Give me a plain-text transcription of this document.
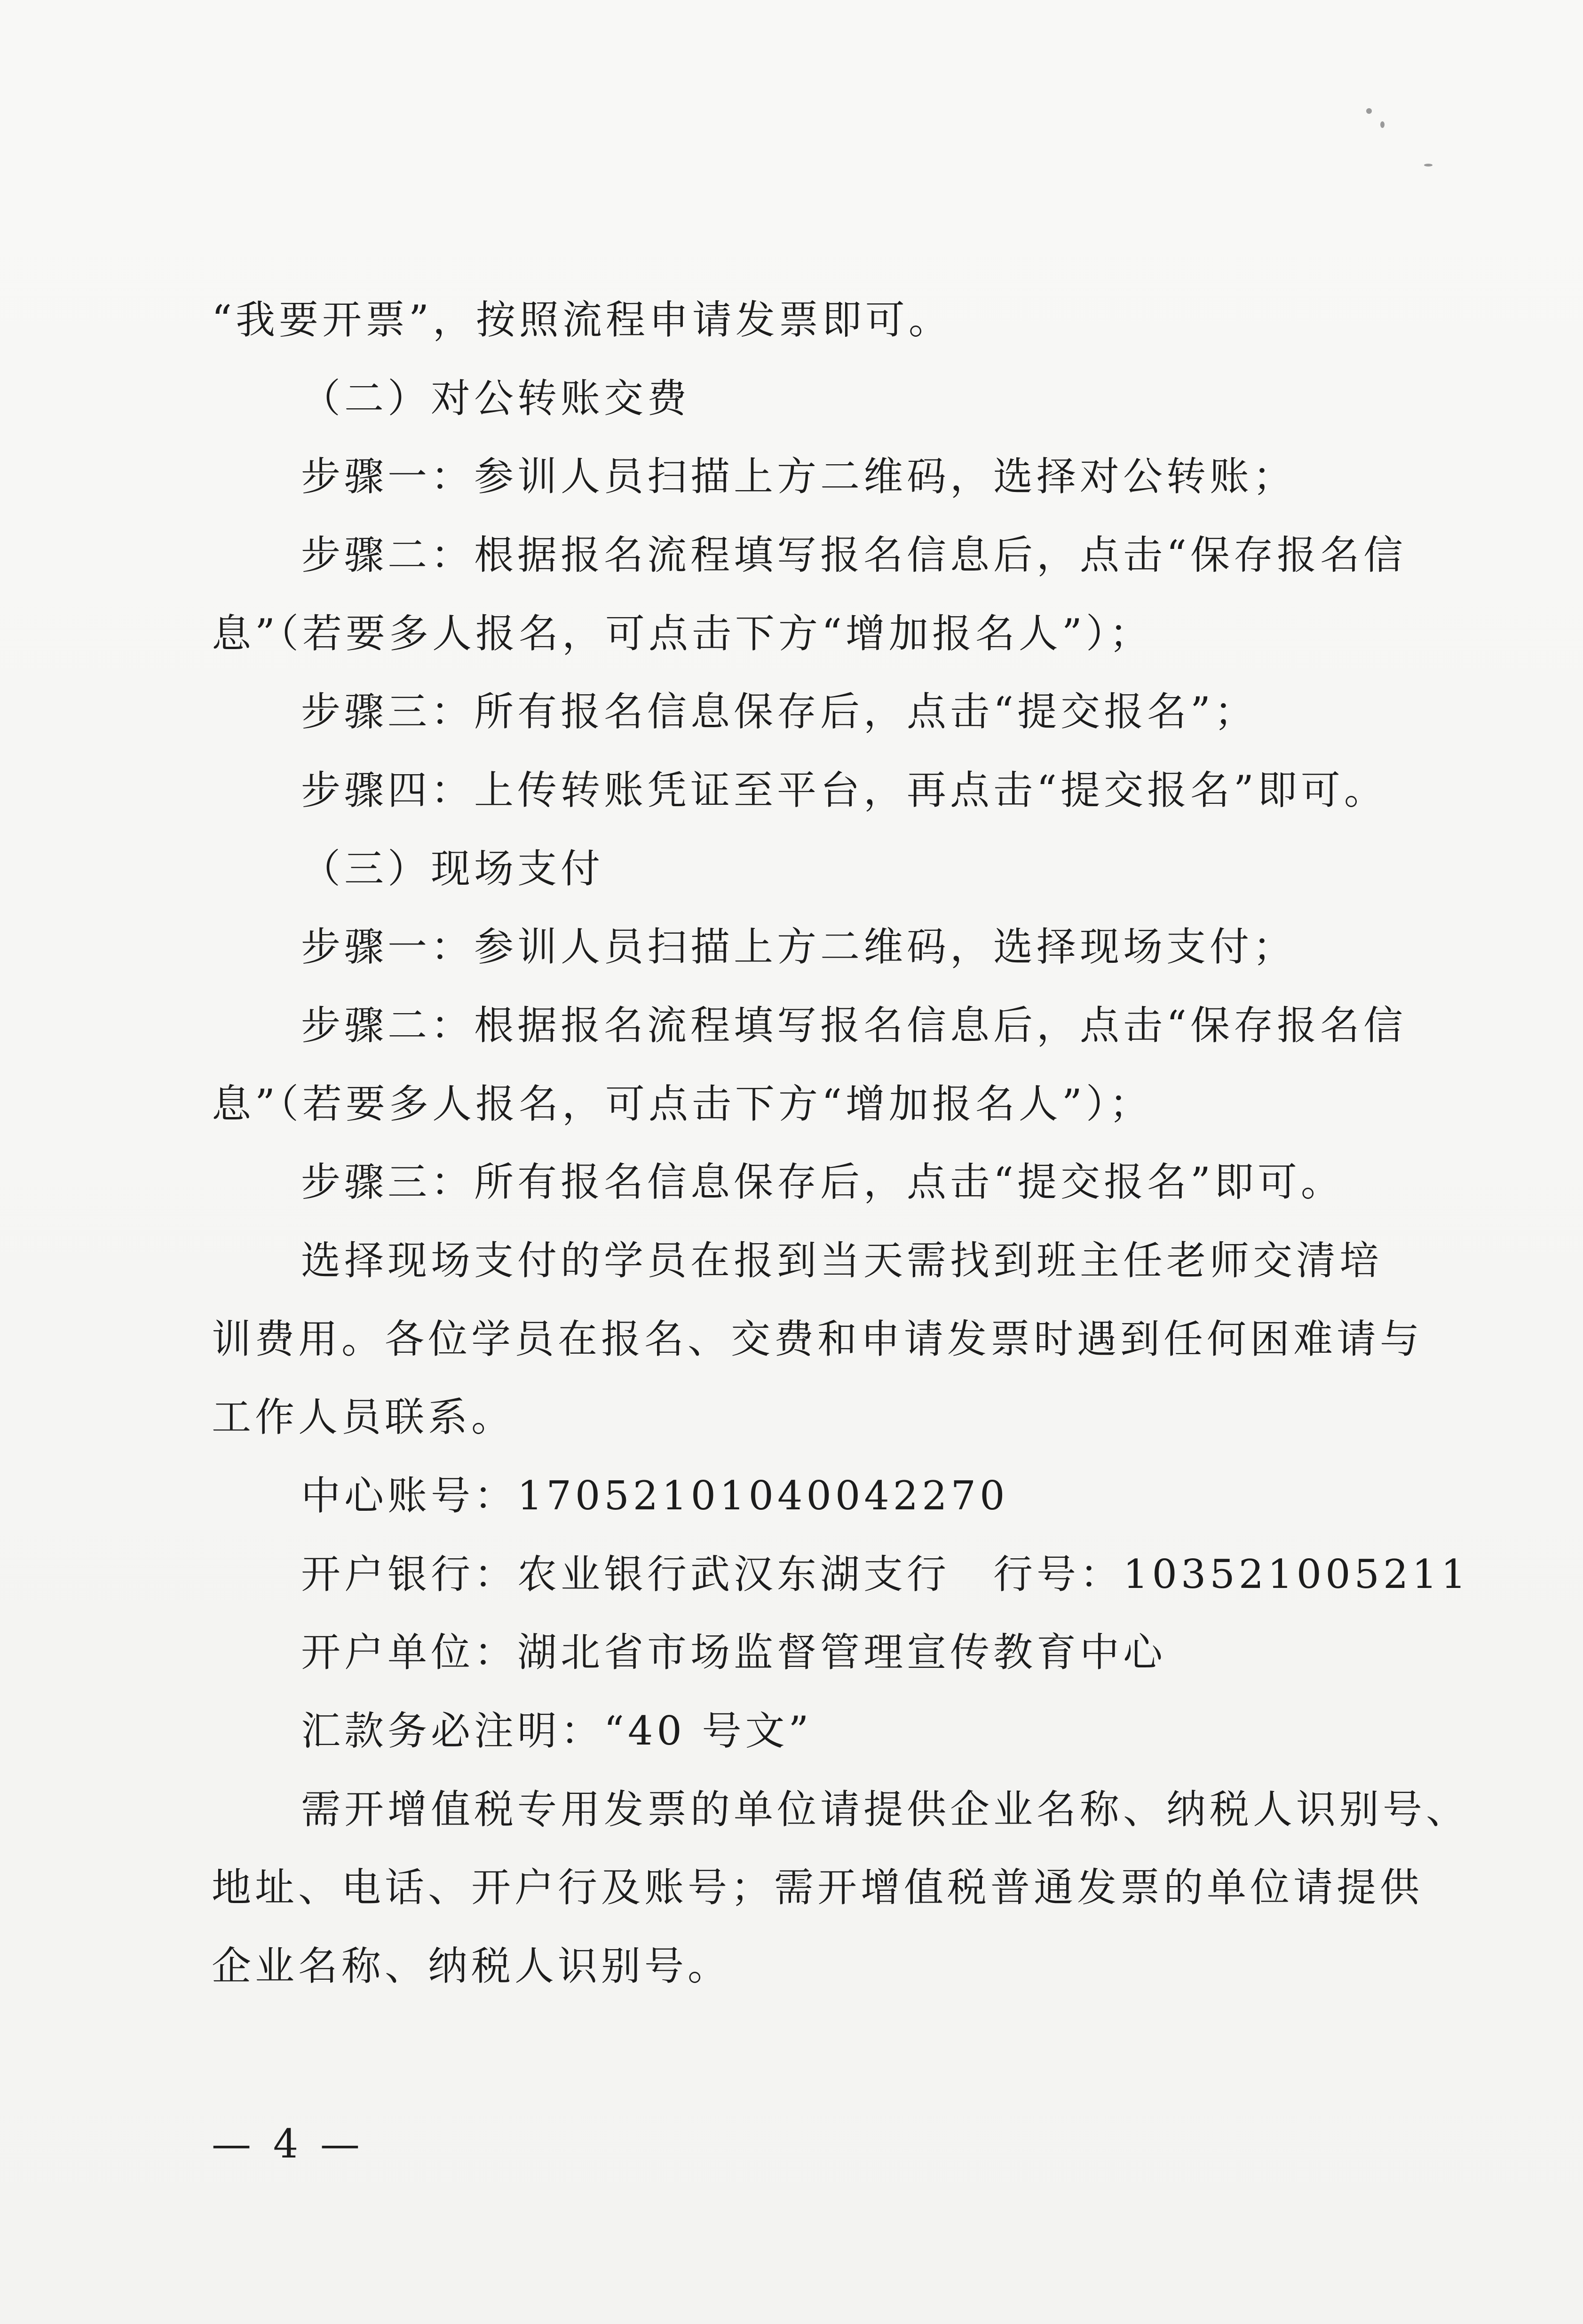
“我要开票”，按照流程申请发票即可。
（二）对公转账交费
步骤一：参训人员扫描上方二维码，选择对公转账；
步骤二：根据报名流程填写报名信息后，点击“保存报名信
息”（若要多人报名，可点击下方“增加报名人”）；
步骤三：所有报名信息保存后，点击“提交报名”；
步骤四：上传转账凭证至平台，再点击“提交报名”即可。
（三）现场支付
步骤一：参训人员扫描上方二维码，选择现场支付；
步骤二：根据报名流程填写报名信息后，点击“保存报名信
息”（若要多人报名，可点击下方“增加报名人”）；
步骤三：所有报名信息保存后，点击“提交报名”即可。
选择现场支付的学员在报到当天需找到班主任老师交清培
训费用。各位学员在报名、交费和申请发票时遇到任何困难请与
工作人员联系。
中心账号：17052101040042270
开户银行：农业银行武汉东湖支行　行号：103521005211
开户单位：湖北省市场监督管理宣传教育中心
汇款务必注明：“40 号文”
需开增值税专用发票的单位请提供企业名称、纳税人识别号、
地址、电话、开户行及账号；需开增值税普通发票的单位请提供
企业名称、纳税人识别号。
— 4 —
